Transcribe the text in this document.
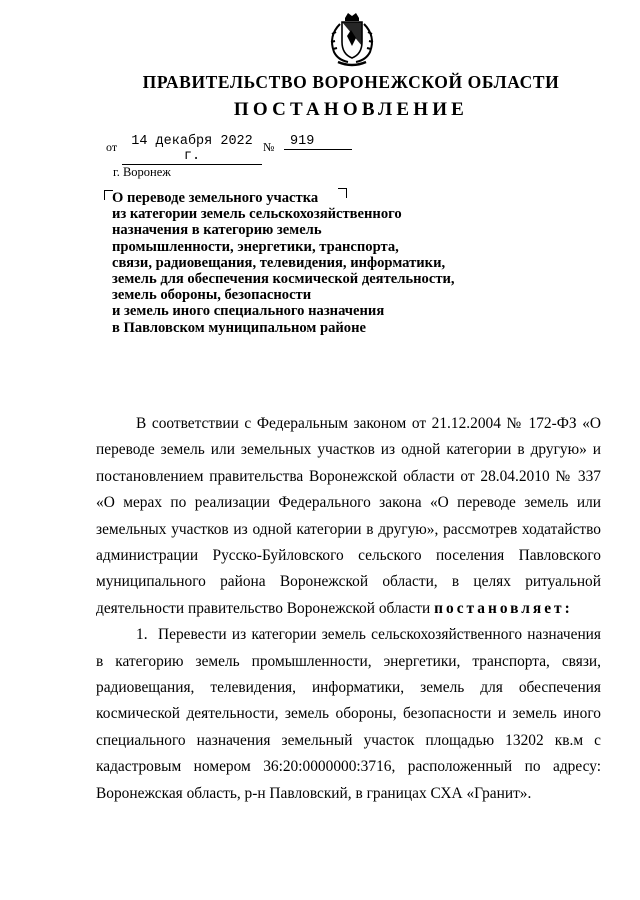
ПРАВИТЕЛЬСТВО ВОРОНЕЖСКОЙ ОБЛАСТИ
ПОСТАНОВЛЕНИЕ
от	14 декабря 2022 г.
№	919
г. Воронеж
О переводе земельного участка
из категории земель сельскохозяйственного
назначения в категорию земель
промышленности, энергетики, транспорта,
связи, радиовещания, телевидения, информатики,
земель для обеспечения космической деятельности,
земель обороны, безопасности
и земель иного специального назначения
в Павловском муниципальном районе

В соответствии с Федеральным законом от 21.12.2004 № 172-ФЗ «О переводе земель или земельных участков из одной категории в другую» и постановлением правительства Воронежской области от 28.04.2010 № 337 «О мерах по реализации Федерального закона «О переводе земель или земельных участков из одной категории в другую», рассмотрев ходатайство администрации Русско-Буйловского сельского поселения Павловского муниципального района Воронежской области, в целях ритуальной деятельности правительство Воронежской области постановляет:

1. Перевести из категории земель сельскохозяйственного назначения в категорию земель промышленности, энергетики, транспорта, связи, радиовещания, телевидения, информатики, земель для обеспечения космической деятельности, земель обороны, безопасности и земель иного специального назначения земельный участок площадью 13202 кв.м с кадастровым номером 36:20:0000000:3716, расположенный по адресу: Воронежская область, р-н Павловский, в границах СХА «Гранит».
